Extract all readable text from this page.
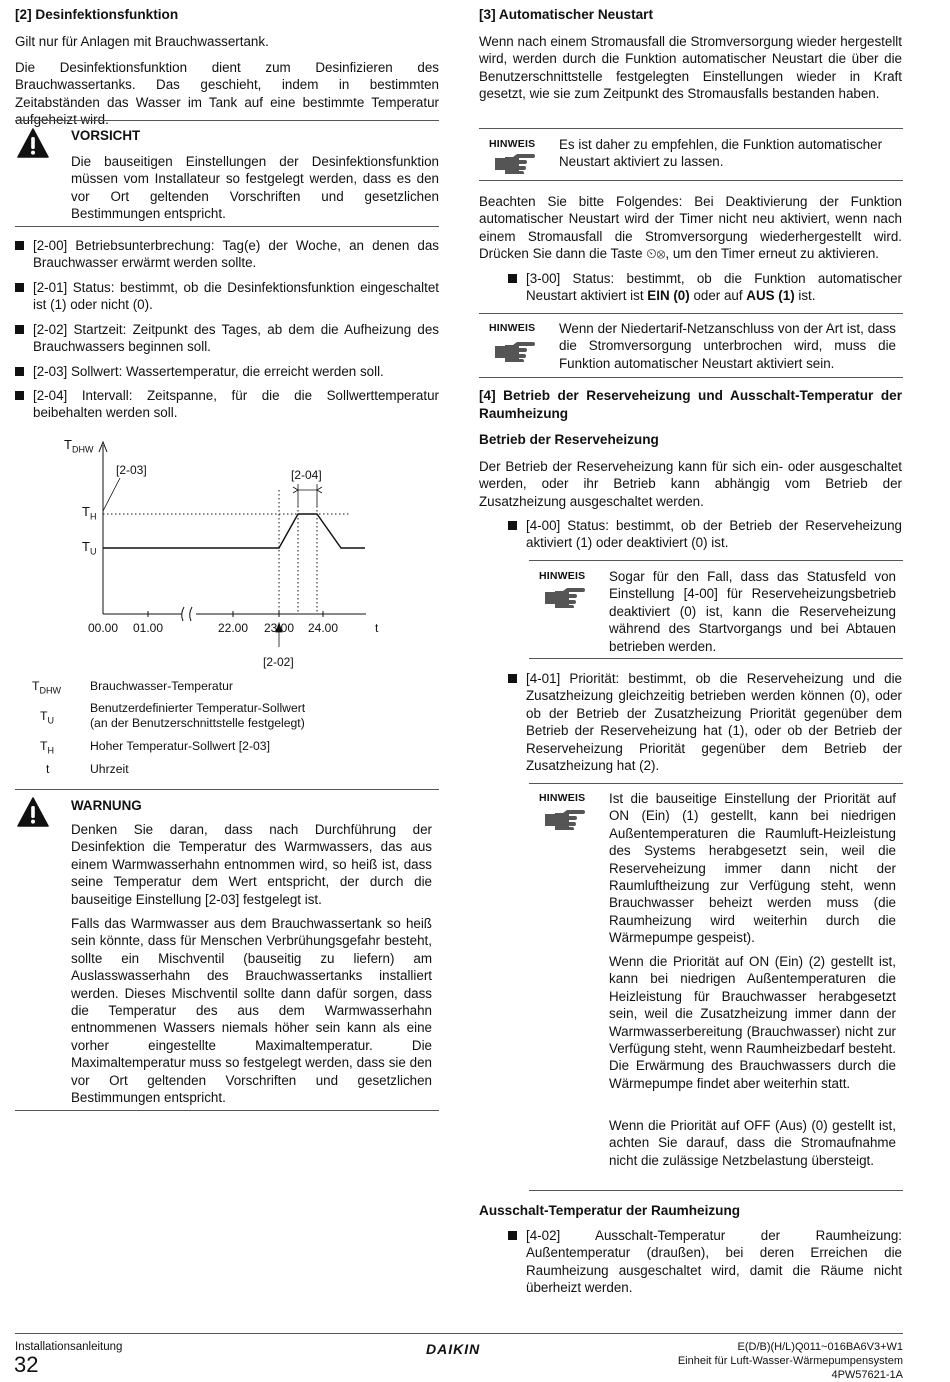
[2] Desinfektionsfunktion

Gilt nur für Anlagen mit Brauchwassertank.

Die Desinfektionsfunktion dient zum Desinfizieren des Brauchwassertanks. Das geschieht, indem in bestimmten Zeitabständen das Wasser im Tank auf eine bestimmte Temperatur aufgeheizt wird.

VORSICHT

Die bauseitigen Einstellungen der Desinfektionsfunktion müssen vom Installateur so festgelegt werden, dass es den vor Ort geltenden Vorschriften und gesetzlichen Bestimmungen entspricht.

[2-00] Betriebsunterbrechung: Tag(e) der Woche, an denen das Brauchwasser erwärmt werden sollte.
[2-01] Status: bestimmt, ob die Desinfektionsfunktion eingeschaltet ist (1) oder nicht (0).
[2-02] Startzeit: Zeitpunkt des Tages, ab dem die Aufheizung des Brauchwassers beginnen soll.
[2-03] Sollwert: Wassertemperatur, die erreicht werden soll.
[2-04] Intervall: Zeitspanne, für die die Sollwerttemperatur beibehalten werden soll.
$T_{DHW}$
[2-03]	[2-04]
$T_H$
$T_U$
00.00 01.00	22.00 23.00 24.00	t
[2-02]
$T_{DHW}$ Brauchwasser-Temperatur
$T_U$
Benutzerdefinierter Temperatur-Sollwert
(an der Benutzerschnittstelle festgelegt)
$T_H$	Hoher Temperatur-Sollwert [2-03]
t	Uhrzeit
WARNUNG

Denken Sie daran, dass nach Durchführung der Desinfektion die Temperatur des Warmwassers, das aus einem Warmwasserhahn entnommen wird, so heiß ist, dass seine Temperatur dem Wert entspricht, der durch die bauseitige Einstellung [2-03] festgelegt ist.

Falls das Warmwasser aus dem Brauchwassertank so heiß sein könnte, dass für Menschen Verbrühungsgefahr besteht, sollte ein Mischventil (bauseitig zu liefern) am Auslasswasserhahn des Brauchwassertanks installiert werden. Dieses Mischventil sollte dann dafür sorgen, dass die Temperatur des aus dem Warmwasserhahn entnommenen Wassers niemals höher sein kann als eine vorher eingestellte Maximaltemperatur. Die Maximaltemperatur muss so festgelegt werden, dass sie den vor Ort geltenden Vorschriften und gesetzlichen Bestimmungen entspricht.

[3] Automatischer Neustart

Wenn nach einem Stromausfall die Stromversorgung wieder hergestellt wird, werden durch die Funktion automatischer Neustart die über die Benutzerschnittstelle festgelegten Einstellungen wieder in Kraft gesetzt, wie sie zum Zeitpunkt des Stromausfalls bestanden haben.

HINWEIS Es ist daher zu empfehlen, die Funktion automatischer Neustart aktiviert zu lassen.

Beachten Sie bitte Folgendes: Bei Deaktivierung der Funktion automatischer Neustart wird der Timer nicht neu aktiviert, wenn nach einem Stromausfall die Stromversorgung wiederhergestellt wird. Drücken Sie dann die Taste ⏲⊗, um den Timer erneut zu aktivieren.

[3-00] Status: bestimmt, ob die Funktion automatischer Neustart aktiviert ist EIN (0) oder auf AUS (1) ist.
HINWEIS Wenn der Niedertarif-Netzanschluss von der Art ist, dass die Stromversorgung unterbrochen wird, muss die Funktion automatischer Neustart aktiviert sein.

[4] Betrieb der Reserveheizung und Ausschalt-Temperatur der Raumheizung
Betrieb der Reserveheizung

Der Betrieb der Reserveheizung kann für sich ein- oder ausgeschaltet werden, oder ihr Betrieb kann abhängig vom Betrieb der Zusatzheizung ausgeschaltet werden.

[4-00] Status: bestimmt, ob der Betrieb der Reserveheizung aktiviert (1) oder deaktiviert (0) ist.
HINWEIS Sogar für den Fall, dass das Statusfeld von Einstellung [4-00] für Reserveheizungsbetrieb deaktiviert (0) ist, kann die Reserveheizung während des Startvorgangs und bei Abtauen betrieben werden.

[4-01] Priorität: bestimmt, ob die Reserveheizung und die Zusatzheizung gleichzeitig betrieben werden können (0), oder ob der Betrieb der Zusatzheizung Priorität gegenüber dem Betrieb der Reserveheizung hat (1), oder ob der Betrieb der Reserveheizung Priorität gegenüber dem Betrieb der Zusatzheizung hat (2).
HINWEIS Ist die bauseitige Einstellung der Priorität auf ON (Ein) (1) gestellt, kann bei niedrigen Außentemperaturen die Raumluft-Heizleistung des Systems herabgesetzt sein, weil die Reserveheizung immer dann nicht der Raumluftheizung zur Verfügung steht, wenn Brauchwasser beheizt werden muss (die Raumheizung wird weiterhin durch die Wärmepumpe gespeist).

Wenn die Priorität auf ON (Ein) (2) gestellt ist, kann bei niedrigen Außentemperaturen die Heizleistung für Brauchwasser herabgesetzt sein, weil die Zusatzheizung immer dann der Warmwasserbereitung (Brauchwasser) nicht zur Verfügung steht, wenn Raumheizbedarf besteht. Die Erwärmung des Brauchwassers durch die Wärmepumpe findet aber weiterhin statt.

Wenn die Priorität auf OFF (Aus) (0) gestellt ist, achten Sie darauf, dass die Stromaufnahme nicht die zulässige Netzbelastung übersteigt.

Ausschalt-Temperatur der Raumheizung
[4-02] Ausschalt-Temperatur der Raumheizung: Außentemperatur (draußen), bei deren Erreichen die Raumheizung ausgeschaltet wird, damit die Räume nicht überheizt werden.
Installationsanleitung
32
DAIKIN	E(D/B)(H/L)Q011~016BA6V3+W1
Einheit für Luft-Wasser-Wärmepumpensystem
4PW57621-1A
